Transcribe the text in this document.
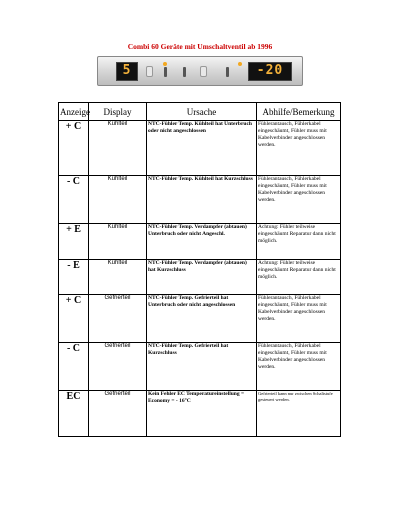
Combi 60 Geräte mit Umschaltventil ab 1996
5	-20
Anzeige	Display	Ursache	Abhilfe/Bemerkung
+ C	Kühlteil	NTC-Fühler Temp. Kühlteil hat Unterbruch oder nicht angeschlossen	Fühlerantausch, Fühlerkabel eingeschäumt, Fühler muss mit Kabelverbinder angeschlossen werden.
- C	Kühlteil	NTC-Fühler Temp. Kühlteil hat Kurzschluss	Fühlerantausch, Fühlerkabel eingeschäumt, Fühler muss mit Kabelverbinder angeschlossen werden.
+ E	Kühlteil	NTC-Fühler Temp. Verdampfer (abtauen) Unterbruch oder nicht Angeschl.	Achtung: Fühler teilweise eingeschäumt Reparatur dann nicht möglich.
- E	Kühlteil	NTC-Fühler Temp. Verdampfer (abtauen) hat Kurzschluss	Achtung: Fühler teilweise eingeschäumt Reparatur dann nicht möglich.
+ C	Gefrierteil	NTC-Fühler Temp. Gefrierteil hat Unterbruch oder nicht angeschlossen	Fühlerantausch, Fühlerkabel eingeschäumt, Fühler muss mit Kabelverbinder angeschlossen werden.
- C	Gefrierteil	NTC-Fühler Temp. Gefrierteil hat Kurzschluss	Fühlerantausch, Fühlerkabel eingeschäumt, Fühler muss mit Kabelverbinder angeschlossen werden.
EC	Gefrierteil	Kein Fehler EC Temperatureinstellung = Economy = - 16°C	Gefrierteil kann nur zwischen Schaltstufe gesteuert werden.
